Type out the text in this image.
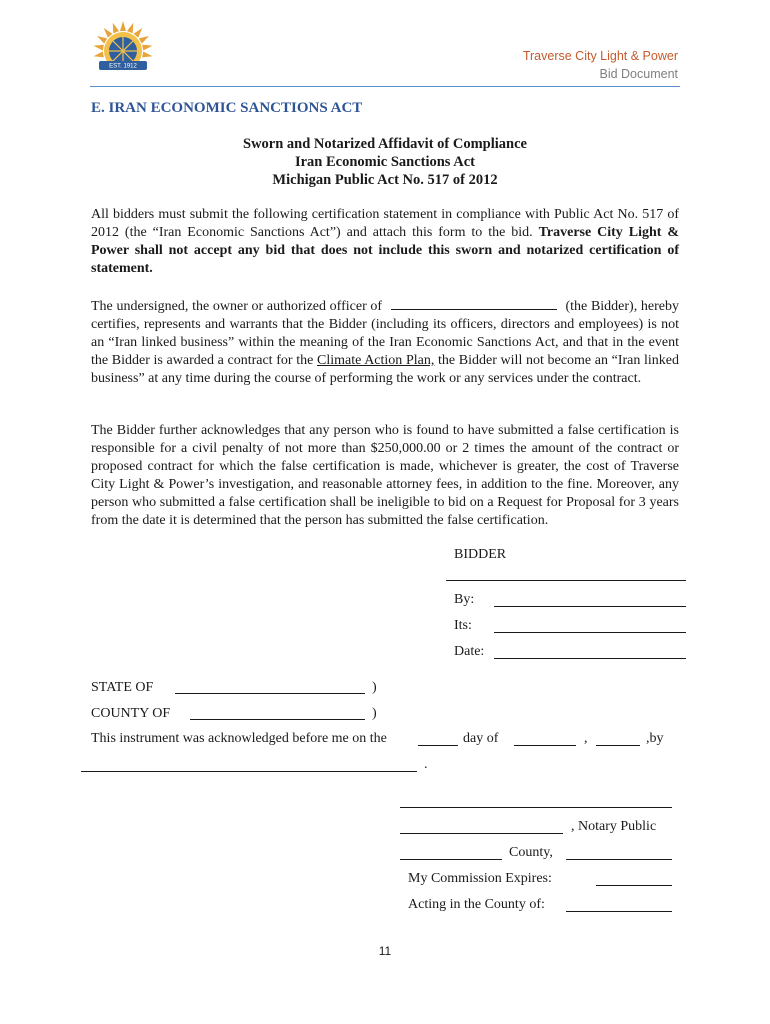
EST. 1912
Traverse City Light & Power
Bid Document
E. IRAN ECONOMIC SANCTIONS ACT
Sworn and Notarized Affidavit of Compliance
Iran Economic Sanctions Act
Michigan Public Act No. 517 of 2012
All bidders must submit the following certification statement in compliance with Public Act No. 517 of 2012 (the “Iran Economic Sanctions Act”) and attach this form to the bid. Traverse City Light & Power shall not accept any bid that does not include this sworn and notarized certification of statement.
The undersigned, the owner or authorized officer of	(the Bidder), hereby certifies, represents and warrants that the Bidder (including its officers, directors and employees) is not an “Iran linked business” within the meaning of the Iran Economic Sanctions Act, and that in the event the Bidder is awarded a contract for the Climate Action Plan, the Bidder will not become an “Iran linked business” at any time during the course of performing the work or any services under the contract.
The Bidder further acknowledges that any person who is found to have submitted a false certification is responsible for a civil penalty of not more than $250,000.00 or 2 times the amount of the contract or proposed contract for which the false certification is made, whichever is greater, the cost of Traverse City Light & Power’s investigation, and reasonable attorney fees, in addition to the fine. Moreover, any person who submitted a false certification shall be ineligible to bid on a Request for Proposal for 3 years from the date it is determined that the person has submitted the false certification.
BIDDER
By:
Its:
Date:
STATE OF	)
COUNTY OF	)
This instrument was acknowledged before me on the	day of	,	,by
.
, Notary Public
County,
My Commission Expires:
Acting in the County of:
11
